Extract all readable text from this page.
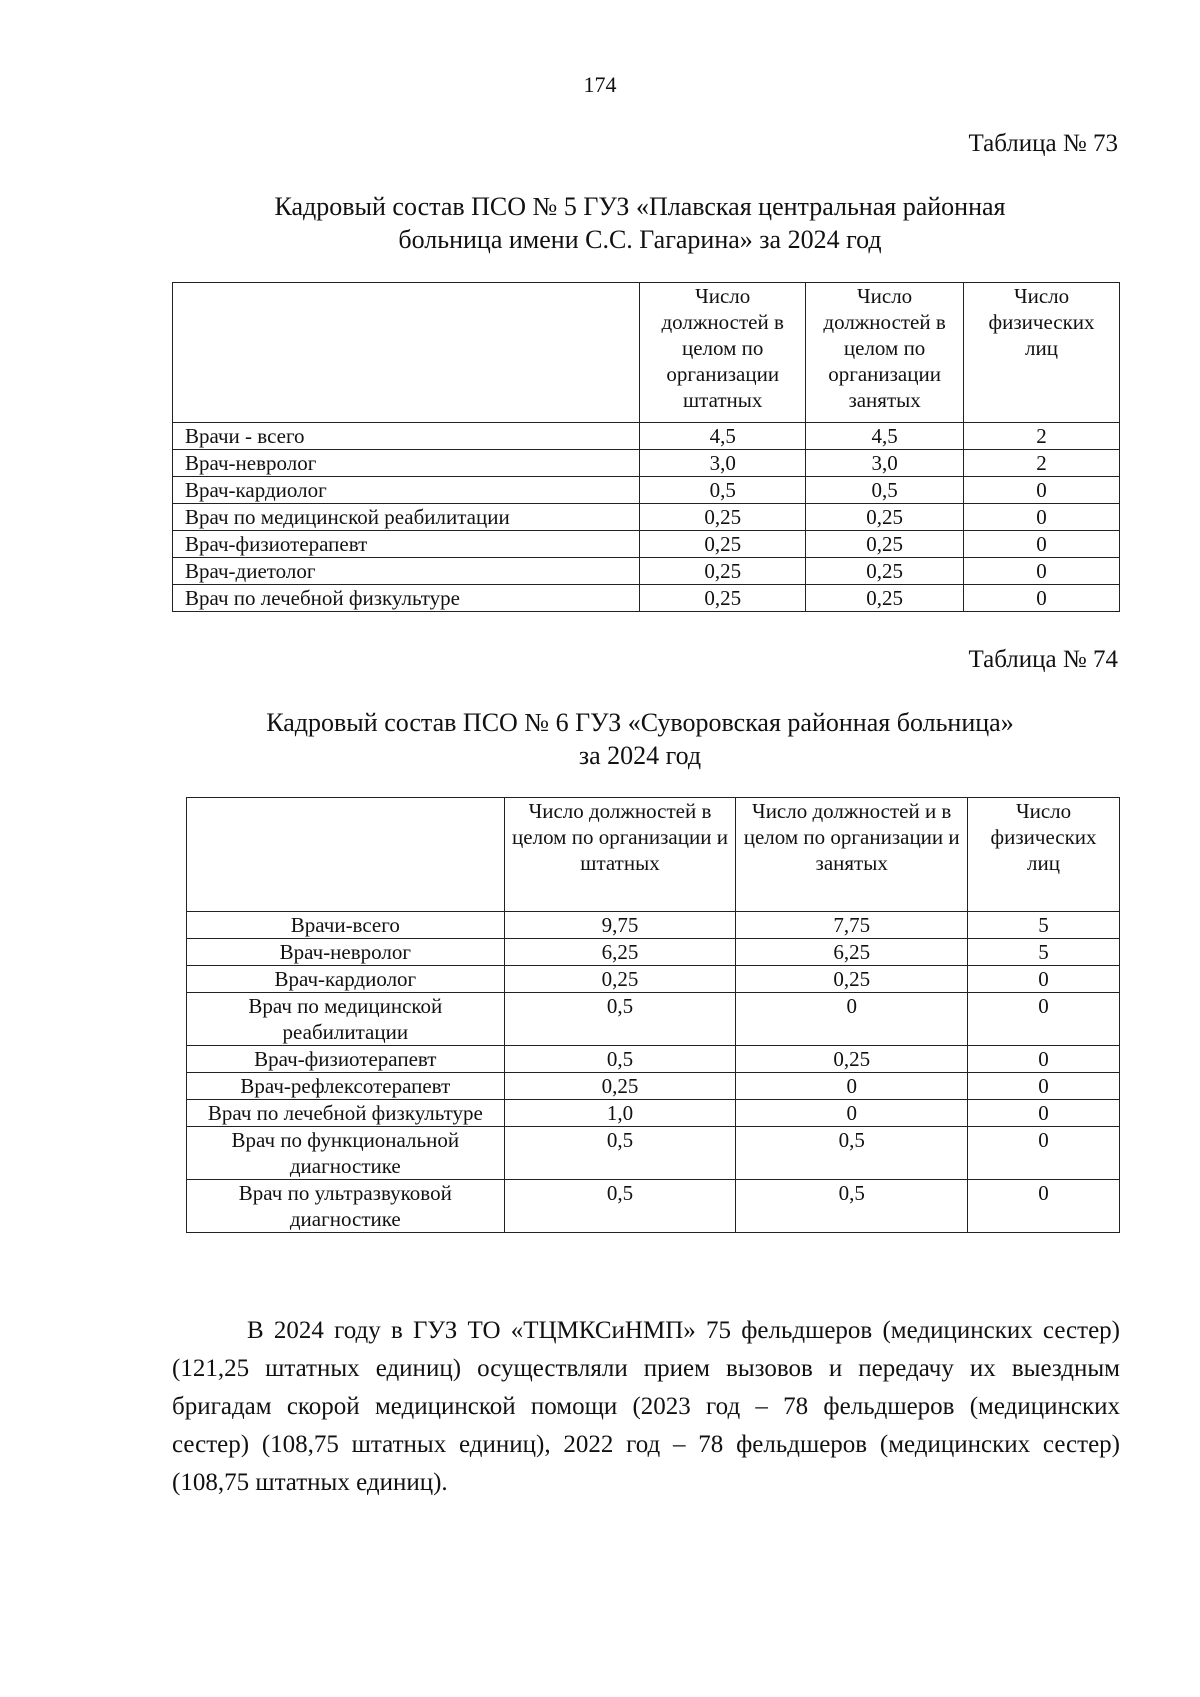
174
Таблица № 73
Кадровый состав ПСО № 5 ГУЗ «Плавская центральная районная
больница имени С.С. Гагарина» за 2024 год
	Число должностей в целом по организации штатных	Число должностей в целом по организации занятых	Число физических лиц
Врачи - всего	4,5	4,5	2
Врач-невролог	3,0	3,0	2
Врач-кардиолог	0,5	0,5	0
Врач по медицинской реабилитации	0,25	0,25	0
Врач-физиотерапевт	0,25	0,25	0
Врач-диетолог	0,25	0,25	0
Врач по лечебной физкультуре	0,25	0,25	0
Таблица № 74
Кадровый состав ПСО № 6 ГУЗ «Суворовская районная больница»
за 2024 год
	Число должностей в целом по организации и штатных	Число должностей и в целом по организации и занятых	Число физических лиц
Врачи-всего	9,75	7,75	5
Врач-невролог	6,25	6,25	5
Врач-кардиолог	0,25	0,25	0
Врач по медицинской реабилитации	0,5	0	0
Врач-физиотерапевт	0,5	0,25	0
Врач-рефлексотерапевт	0,25	0	0
Врач по лечебной физкультуре	1,0	0	0
Врач по функциональной диагностике	0,5	0,5	0
Врач по ультразвуковой диагностике	0,5	0,5	0

В 2024 году в ГУЗ ТО «ТЦМКСиНМП» 75 фельдшеров (медицинских сестер) (121,25 штатных единиц) осуществляли прием вызовов и передачу их выездным бригадам скорой медицинской помощи (2023 год – 78 фельдшеров (медицинских сестер) (108,75 штатных единиц), 2022 год – 78 фельдшеров (медицинских сестер) (108,75 штатных единиц).
